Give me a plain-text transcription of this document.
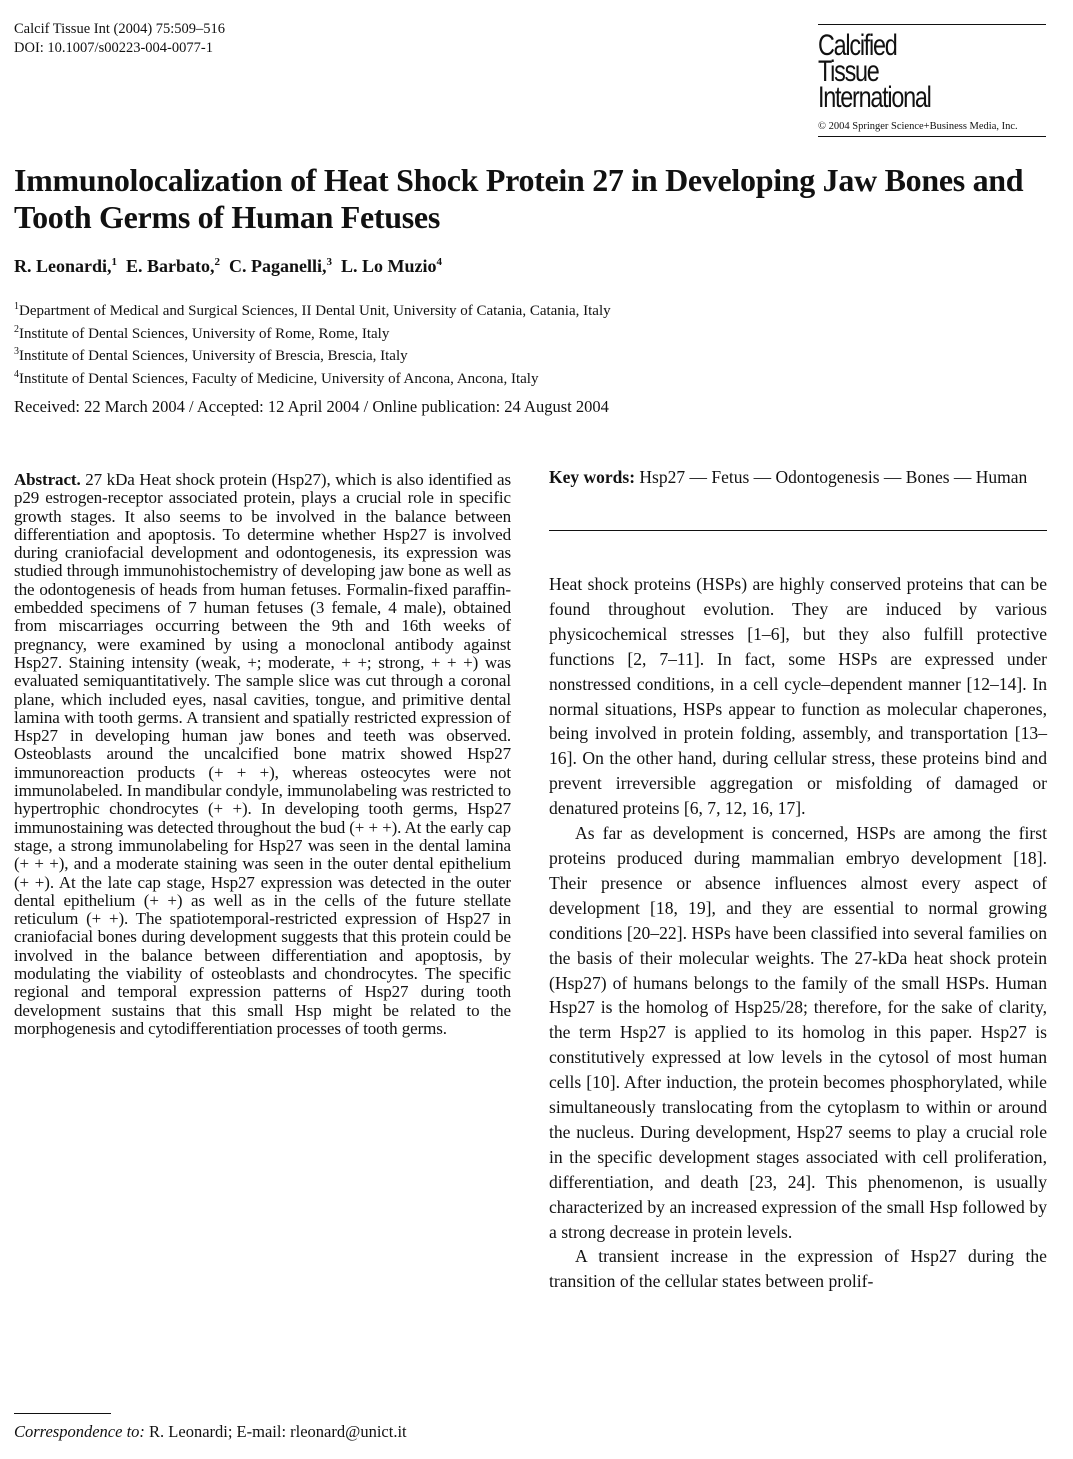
Calcif Tissue Int (2004) 75:509–516
DOI: 10.1007/s00223-004-0077-1	Calcified
Tissue
International
© 2004 Springer Science+Business Media, Inc.
Immunolocalization of Heat Shock Protein 27 in Developing Jaw Bones and Tooth Germs of Human Fetuses
R. Leonardi,$^1$ E. Barbato,$^2$ C. Paganelli,$^3$ L. Lo Muzio$^4$
$^1$Department of Medical and Surgical Sciences, II Dental Unit, University of Catania, Catania, Italy
$^2$Institute of Dental Sciences, University of Rome, Rome, Italy
$^3$Institute of Dental Sciences, University of Brescia, Brescia, Italy
$^4$Institute of Dental Sciences, Faculty of Medicine, University of Ancona, Ancona, Italy
Received: 22 March 2004 / Accepted: 12 April 2004 / Online publication: 24 August 2004
Abstract. 27 kDa Heat shock protein (Hsp27), which is also identified as p29 estrogen-receptor associated protein, plays a crucial role in specific growth stages. It also seems to be involved in the balance between differentiation and apoptosis. To determine whether Hsp27 is involved during craniofacial development and odontogenesis, its expression was studied through immunohistochemistry of developing jaw bone as well as the odontogenesis of heads from human fetuses. Formalin-fixed paraffin-embedded specimens of 7 human fetuses (3 female, 4 male), obtained from miscarriages occurring between the 9th and 16th weeks of pregnancy, were examined by using a monoclonal antibody against Hsp27. Staining intensity (weak, +; moderate, + +; strong, + + +) was evaluated semiquantitatively. The sample slice was cut through a coronal plane, which included eyes, nasal cavities, tongue, and primitive dental lamina with tooth germs. A transient and spatially restricted expression of Hsp27 in developing human jaw bones and teeth was observed. Osteoblasts around the uncalcified bone matrix showed Hsp27 immunoreaction products (+ + +), whereas osteocytes were not immunolabeled. In mandibular condyle, immunolabeling was restricted to hypertrophic chondrocytes (+ +). In developing tooth germs, Hsp27 immunostaining was detected throughout the bud (+ + +). At the early cap stage, a strong immunolabeling for Hsp27 was seen in the dental lamina (+ + +), and a moderate staining was seen in the outer dental epithelium (+ +). At the late cap stage, Hsp27 expression was detected in the outer dental epithelium (+ +) as well as in the cells of the future stellate reticulum (+ +). The spatiotemporal-restricted expression of Hsp27 in craniofacial bones during development suggests that this protein could be involved in the balance between differentiation and apoptosis, by modulating the viability of osteoblasts and chondrocytes. The specific regional and temporal expression patterns of Hsp27 during tooth development sustains that this small Hsp might be related to the morphogenesis and cytodifferentiation processes of tooth germs.
Key words: Hsp27 — Fetus — Odontogenesis — Bones — Human

Heat shock proteins (HSPs) are highly conserved proteins that can be found throughout evolution. They are induced by various physicochemical stresses [1–6], but they also fulfill protective functions [2, 7–11]. In fact, some HSPs are expressed under nonstressed conditions, in a cell cycle–dependent manner [12–14]. In normal situations, HSPs appear to function as molecular chaperones, being involved in protein folding, assembly, and transportation [13–16]. On the other hand, during cellular stress, these proteins bind and prevent irreversible aggregation or misfolding of damaged or denatured proteins [6, 7, 12, 16, 17].

As far as development is concerned, HSPs are among the first proteins produced during mammalian embryo development [18]. Their presence or absence influences almost every aspect of development [18, 19], and they are essential to normal growing conditions [20–22]. HSPs have been classified into several families on the basis of their molecular weights. The 27-kDa heat shock protein (Hsp27) of humans belongs to the family of the small HSPs. Human Hsp27 is the homolog of Hsp25/28; therefore, for the sake of clarity, the term Hsp27 is applied to its homolog in this paper. Hsp27 is constitutively expressed at low levels in the cytosol of most human cells [10]. After induction, the protein becomes phosphorylated, while simultaneously translocating from the cytoplasm to within or around the nucleus. During development, Hsp27 seems to play a crucial role in the specific development stages associated with cell proliferation, differentiation, and death [23, 24]. This phenomenon, is usually characterized by an increased expression of the small Hsp followed by a strong decrease in protein levels.

A transient increase in the expression of Hsp27 during the transition of the cellular states between prolif-

Correspondence to: R. Leonardi; E-mail: rleonard@unict.it
